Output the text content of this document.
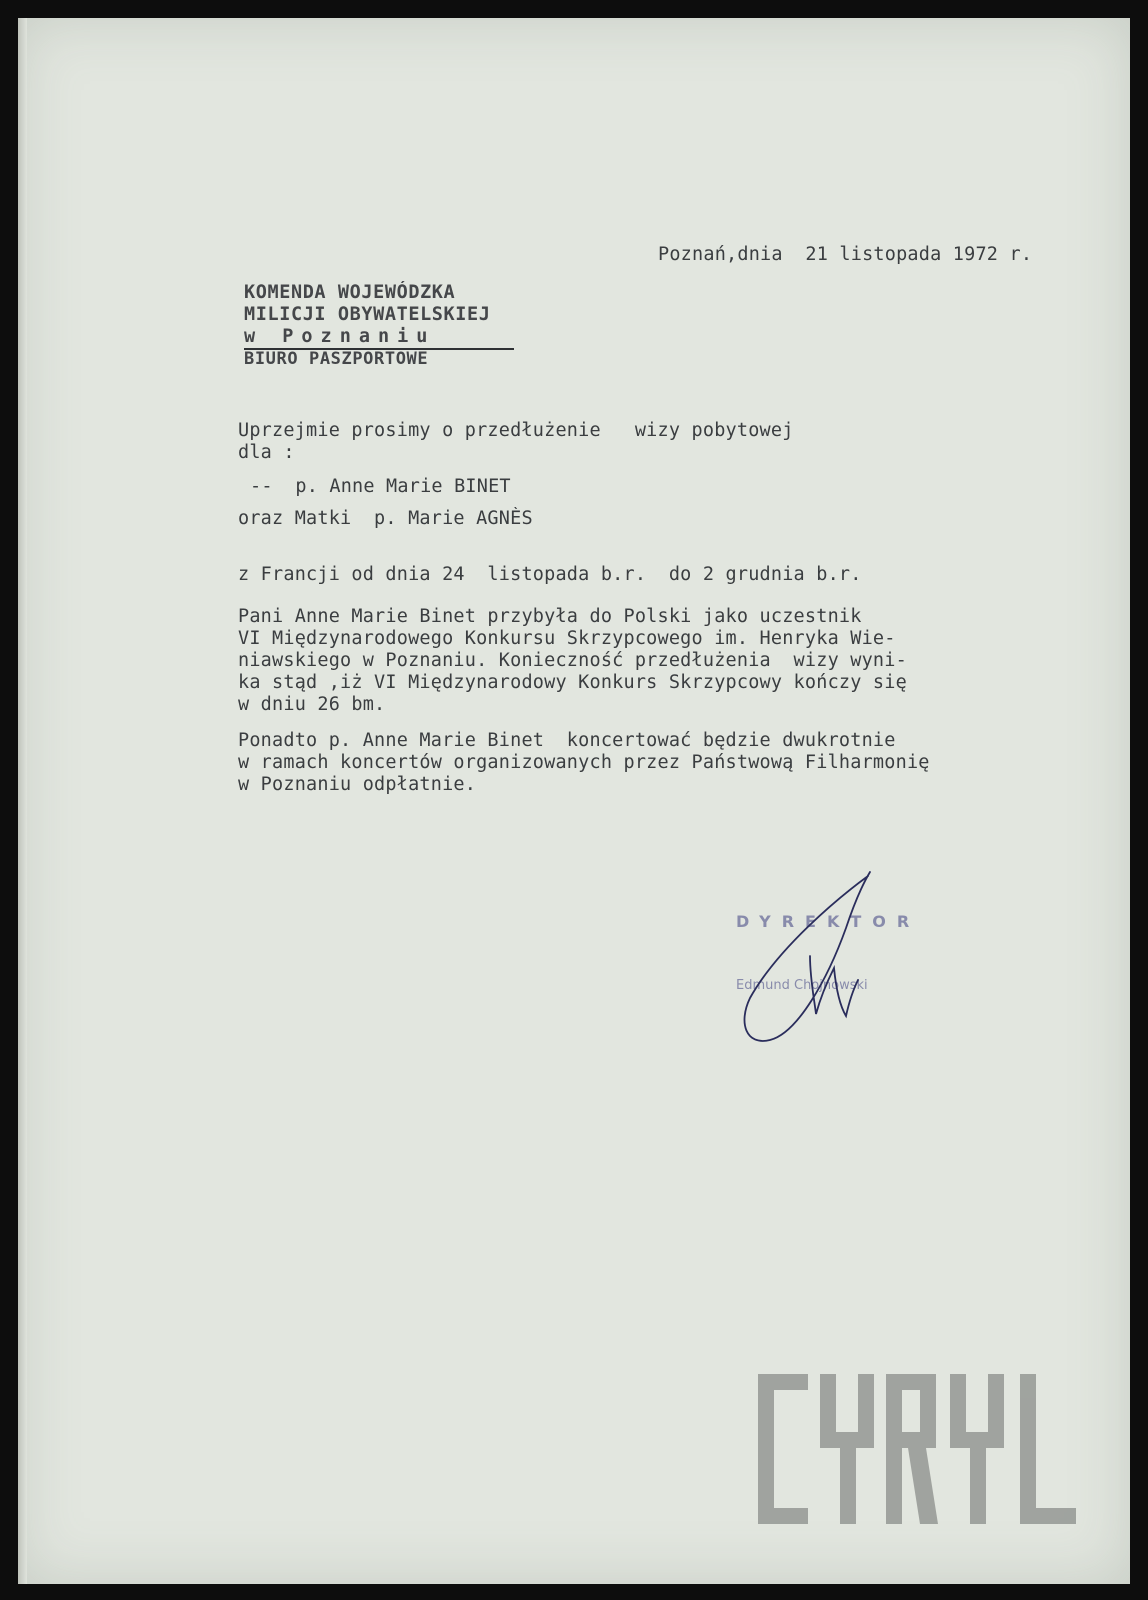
Poznań,dnia  21 listopada 1972 r.

KOMENDA WOJEWÓDZKA

MILICJI OBYWATELSKIEJ

w Poznaniu

BIURO PASZPORTOWE

Uprzejmie prosimy o przedłużenie   wizy pobytowej

dla :

--  p. Anne Marie BINET

oraz Matki  p. Marie AGNÈS

z Francji od dnia 24  listopada b.r.  do 2 grudnia b.r.

Pani Anne Marie Binet przybyła do Polski jako uczestnik

VI Międzynarodowego Konkursu Skrzypcowego im. Henryka Wie-

niawskiego w Poznaniu. Konieczność przedłużenia  wizy wyni-

ka stąd ,iż VI Międzynarodowy Konkurs Skrzypcowy kończy się

w dniu 26 bm.

Ponadto p. Anne Marie Binet  koncertować będzie dwukrotnie

w ramach koncertów organizowanych przez Państwową Filharmonię

w Poznaniu odpłatnie.

DYREKTOR
Edmund Chojnowski
